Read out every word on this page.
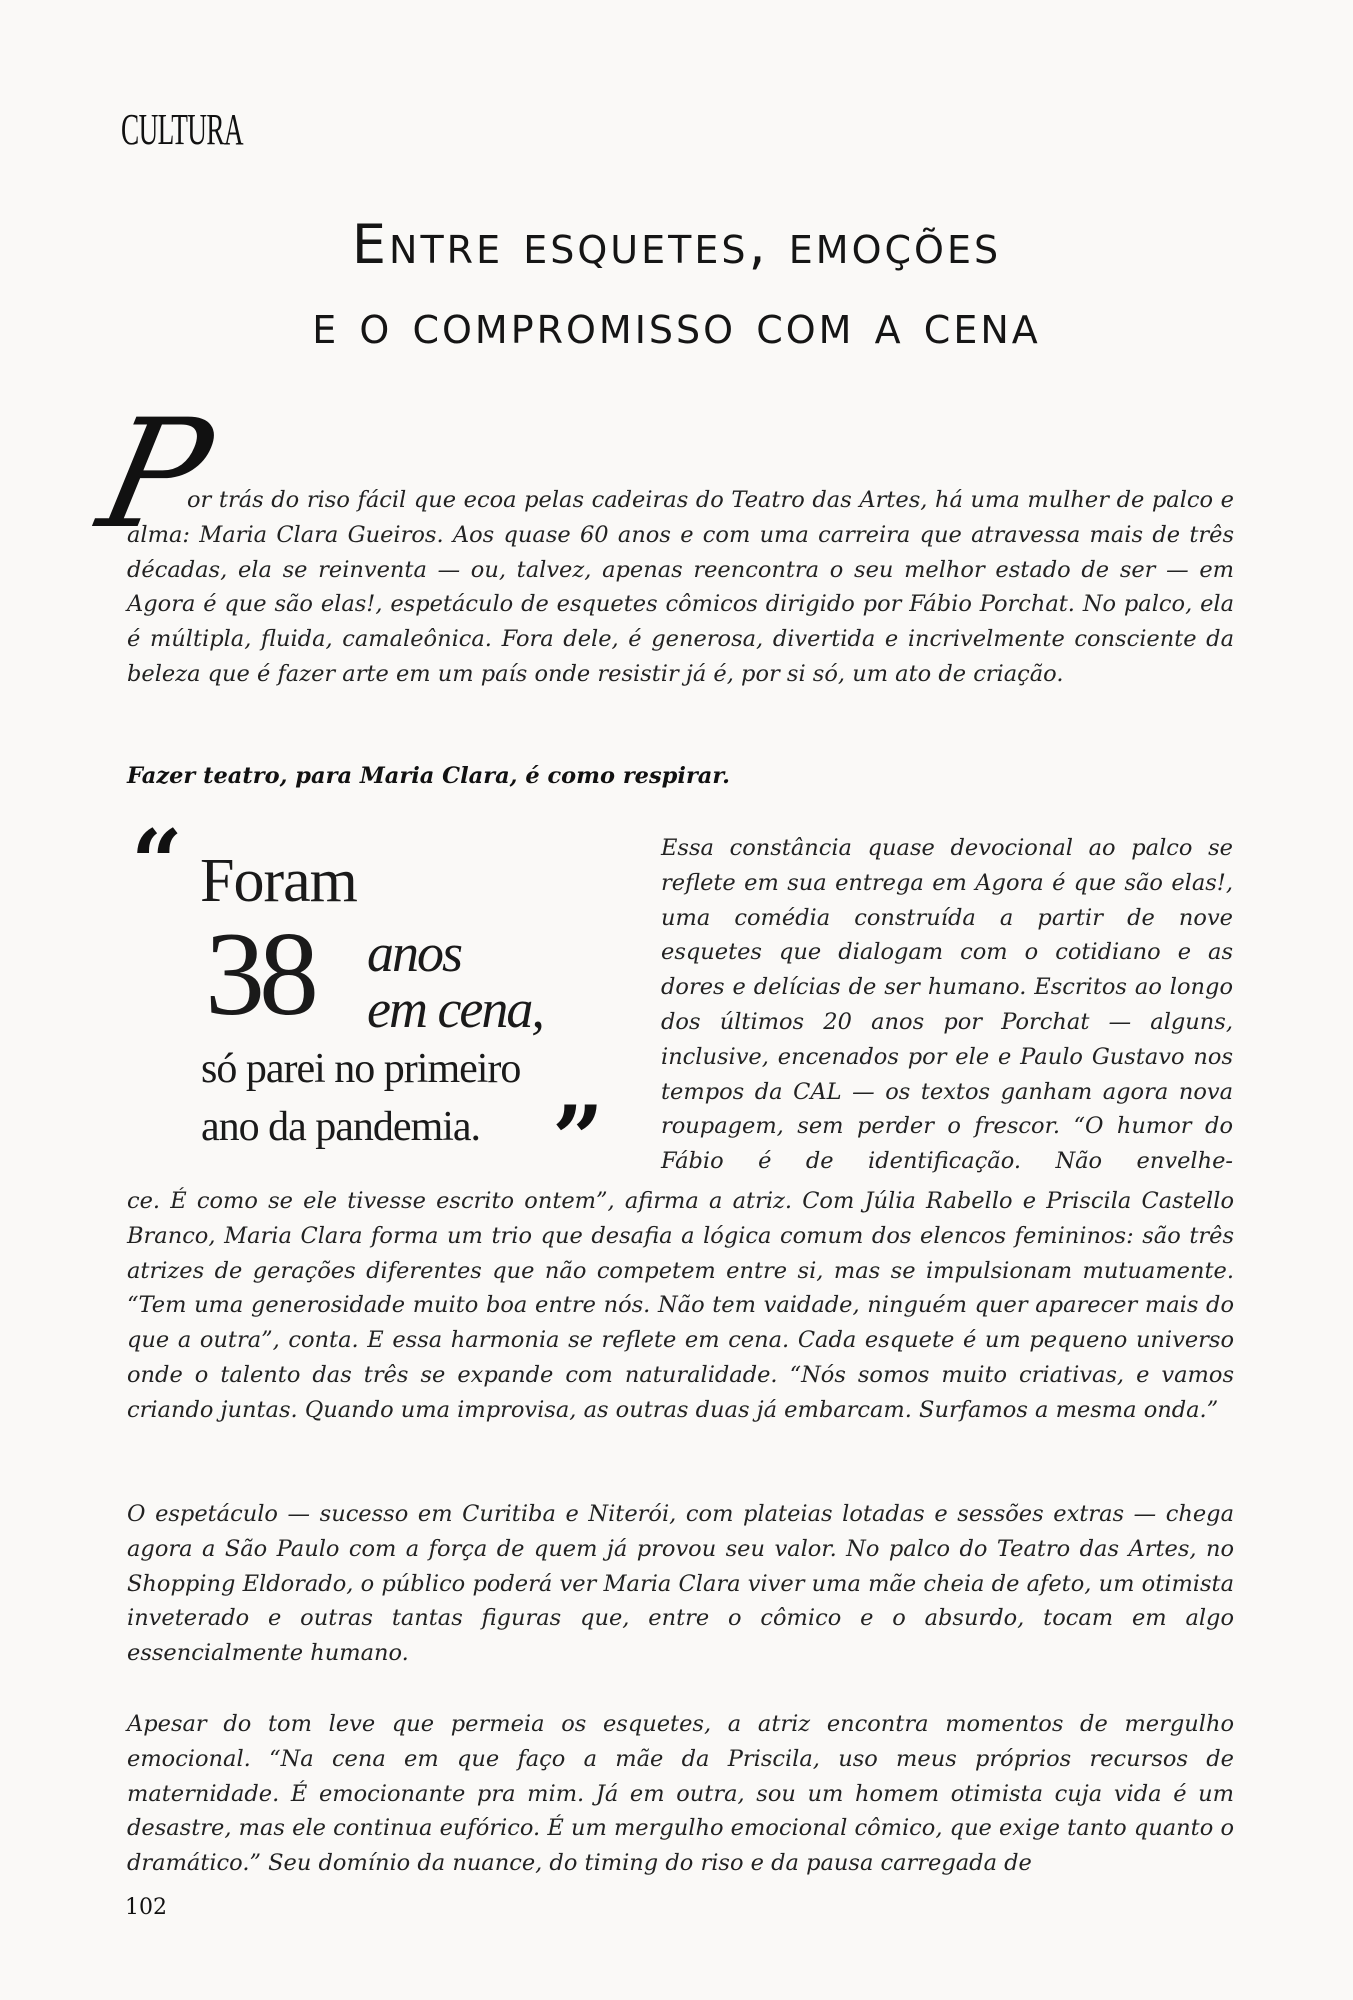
CULTURA
Entre esquetes, emoções
e o compromisso com a cena
P

or trás do riso fácil que ecoa pelas cadeiras do Teatro das Artes, há uma mulher de palco e alma: Maria Clara Gueiros. Aos quase 60 anos e com uma carreira que atravessa mais de três décadas, ela se reinventa — ou, talvez, apenas reencontra o seu melhor estado de ser — em Agora é que são elas!, espetáculo de esquetes cômicos dirigido por Fábio Porchat. No palco, ela é múltipla, fluida, camaleônica. Fora dele, é generosa, divertida e incrivelmente consciente da beleza que é fazer arte em um país onde resistir já é, por si só, um ato de criação.

Fazer teatro, para Maria Clara, é como respirar.
“ Foram
38 anos
em cena,
só parei no primeiro
ano da pandemia. ”

Essa constância quase devocional ao palco se reflete em sua entrega em Agora é que são elas!, uma comédia construída a partir de nove esquetes que dialogam com o cotidiano e as dores e delícias de ser humano. Escritos ao longo dos últimos 20 anos por Porchat — alguns, inclusive, encenados por ele e Paulo Gustavo nos tempos da CAL — os textos ganham agora nova roupagem, sem perder o frescor. “O humor do Fábio é de identificação. Não envelhe-

ce. É como se ele tivesse escrito ontem”, afirma a atriz. Com Júlia Rabello e Priscila Castello Branco, Maria Clara forma um trio que desafia a lógica comum dos elencos femininos: são três atrizes de gerações diferentes que não competem entre si, mas se impulsionam mutuamente. “Tem uma generosidade muito boa entre nós. Não tem vaidade, ninguém quer aparecer mais do que a outra”, conta. E essa harmonia se reflete em cena. Cada esquete é um pequeno universo onde o talento das três se expande com naturalidade. “Nós somos muito criativas, e vamos criando juntas. Quando uma improvisa, as outras duas já embarcam. Surfamos a mesma onda.”

O espetáculo — sucesso em Curitiba e Niterói, com plateias lotadas e sessões extras — chega agora a São Paulo com a força de quem já provou seu valor. No palco do Teatro das Artes, no Shopping Eldorado, o público poderá ver Maria Clara viver uma mãe cheia de afeto, um otimista inveterado e outras tantas figuras que, entre o cômico e o absurdo, tocam em algo essencialmente humano.

Apesar do tom leve que permeia os esquetes, a atriz encontra momentos de mergulho emocional. “Na cena em que faço a mãe da Priscila, uso meus próprios recursos de maternidade. É emocionante pra mim. Já em outra, sou um homem otimista cuja vida é um desastre, mas ele continua eufórico. É um mergulho emocional cômico, que exige tanto quanto o dramático.” Seu domínio da nuance, do timing do riso e da pausa carregada de

102
